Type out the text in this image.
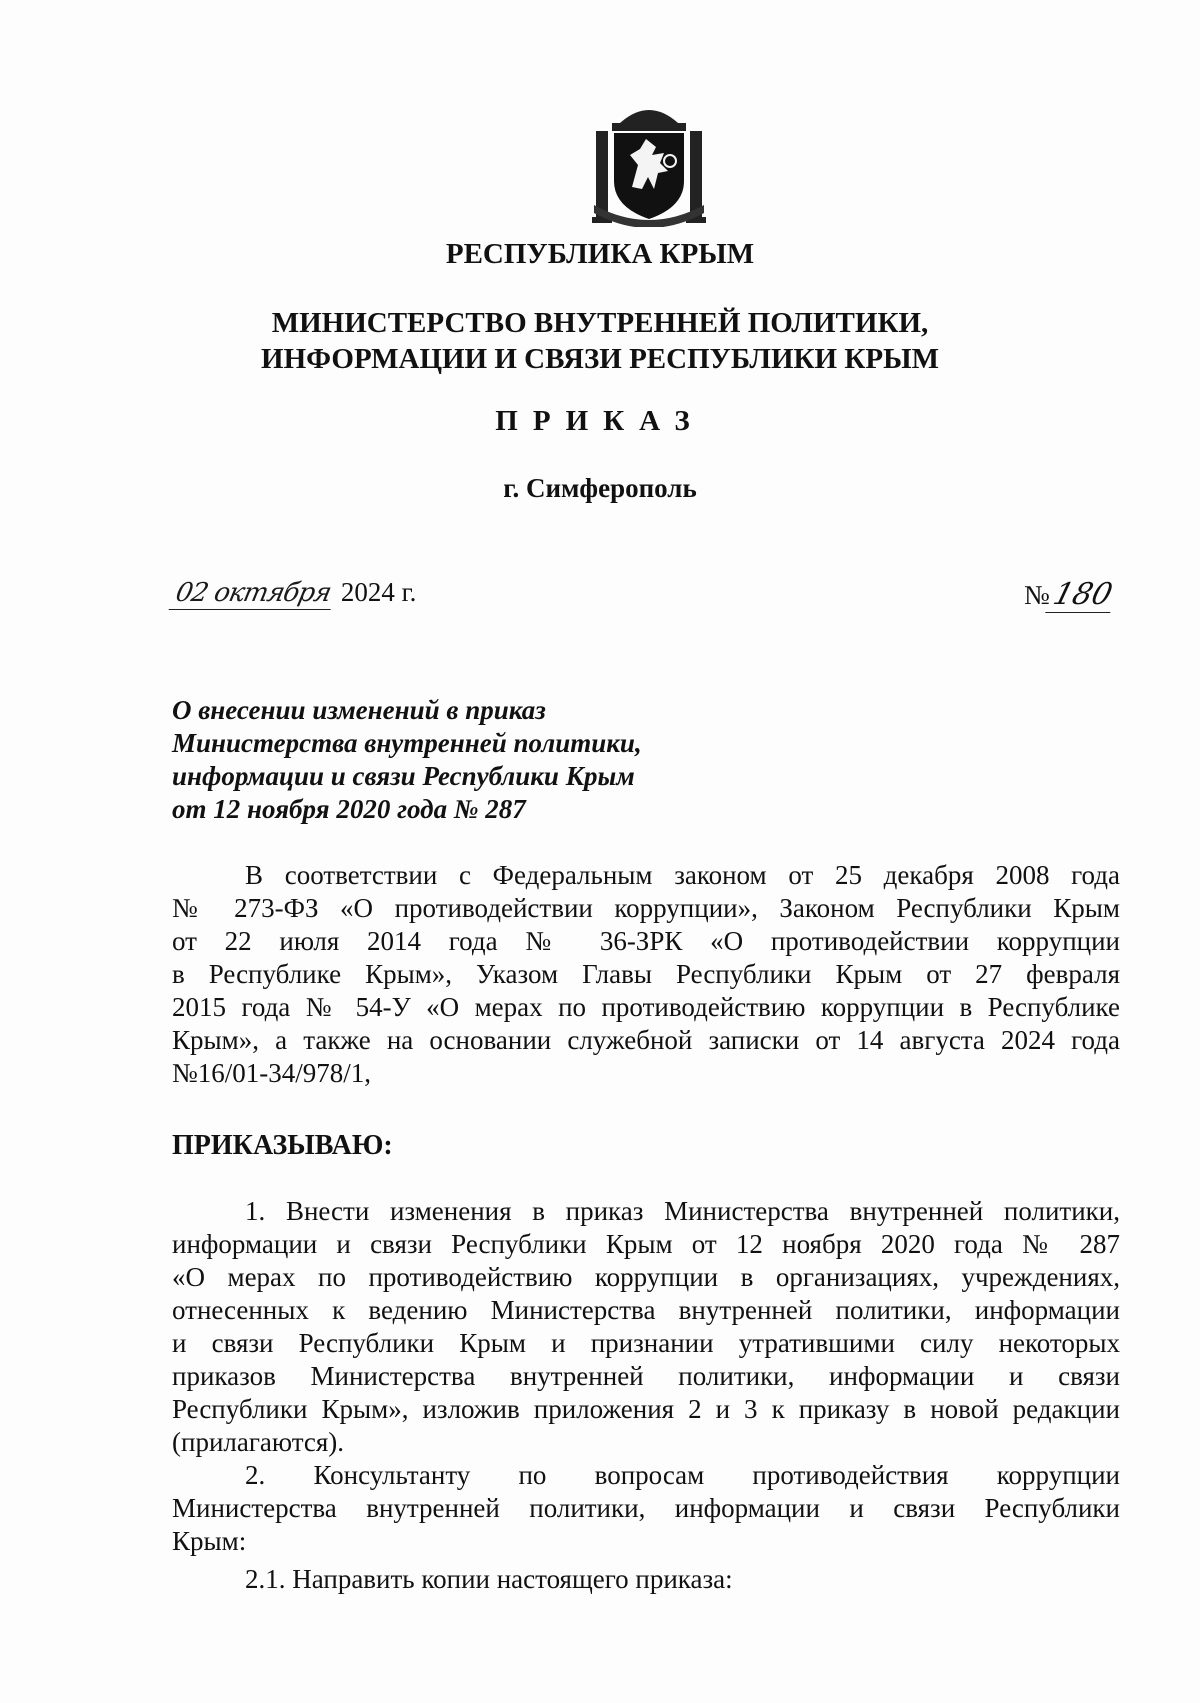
РЕСПУБЛИКА КРЫМ
МИНИСТЕРСТВО ВНУТРЕННЕЙ ПОЛИТИКИ,
ИНФОРМАЦИИ И СВЯЗИ РЕСПУБЛИКИ КРЫМ
ПРИКАЗ
г. Симферополь
02 октября 2024 г.	№180
О внесении изменений в приказ
Министерства внутренней политики,
информации и связи Республики Крым
от 12 ноября 2020 года № 287
В соответствии с Федеральным законом от 25 декабря 2008 года
№ 273-ФЗ «О противодействии коррупции», Законом Республики Крым
от 22 июля 2014 года № 36-ЗРК «О противодействии коррупции
в Республике Крым», Указом Главы Республики Крым от 27 февраля
2015 года № 54-У «О мерах по противодействию коррупции в Республике
Крым», а также на основании служебной записки от 14 августа 2024 года
№16/01-34/978/1,
ПРИКАЗЫВАЮ:
1. Внести изменения в приказ Министерства внутренней политики,
информации и связи Республики Крым от 12 ноября 2020 года № 287
«О мерах по противодействию коррупции в организациях, учреждениях,
отнесенных к ведению Министерства внутренней политики, информации
и связи Республики Крым и признании утратившими силу некоторых
приказов Министерства внутренней политики, информации и связи
Республики Крым», изложив приложения 2 и 3 к приказу в новой редакции
(прилагаются).
2. Консультанту по вопросам противодействия коррупции
Министерства внутренней политики, информации и связи Республики
Крым:
2.1. Направить копии настоящего приказа:
